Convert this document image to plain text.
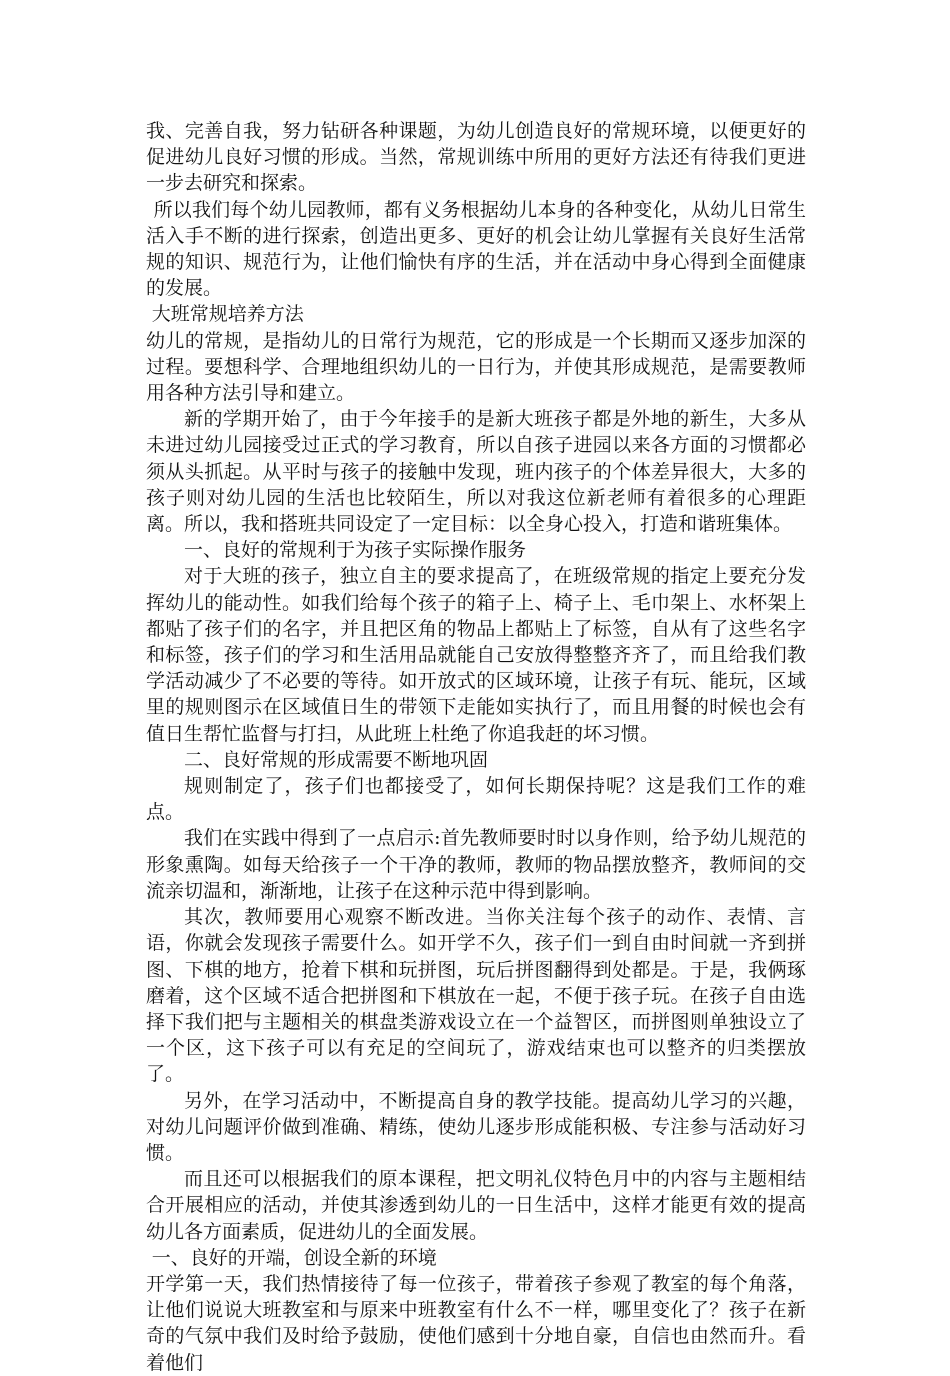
我、完善自我，努力钻研各种课题，为幼儿创造良好的常规环境，以便更好的促进幼儿良好习惯的形成。当然，常规训练中所用的更好方法还有待我们更进一步去研究和探索。

所以我们每个幼儿园教师，都有义务根据幼儿本身的各种变化，从幼儿日常生活入手不断的进行探索，创造出更多、更好的机会让幼儿掌握有关良好生活常规的知识、规范行为，让他们愉快有序的生活，并在活动中身心得到全面健康的发展。

大班常规培养方法

幼儿的常规，是指幼儿的日常行为规范，它的形成是一个长期而又逐步加深的过程。要想科学、合理地组织幼儿的一日行为，并使其形成规范，是需要教师用各种方法引导和建立。

新的学期开始了，由于今年接手的是新大班孩子都是外地的新生，大多从未进过幼儿园接受过正式的学习教育，所以自孩子进园以来各方面的习惯都必须从头抓起。从平时与孩子的接触中发现，班内孩子的个体差异很大，大多的孩子则对幼儿园的生活也比较陌生，所以对我这位新老师有着很多的心理距离。所以，我和搭班共同设定了一定目标：以全身心投入，打造和谐班集体。

一、良好的常规利于为孩子实际操作服务

对于大班的孩子，独立自主的要求提高了，在班级常规的指定上要充分发挥幼儿的能动性。如我们给每个孩子的箱子上、椅子上、毛巾架上、水杯架上都贴了孩子们的名字，并且把区角的物品上都贴上了标签，自从有了这些名字和标签，孩子们的学习和生活用品就能自己安放得整整齐齐了，而且给我们教学活动减少了不必要的等待。如开放式的区域环境，让孩子有玩、能玩，区域里的规则图示在区域值日生的带领下走能如实执行了，而且用餐的时候也会有值日生帮忙监督与打扫，从此班上杜绝了你追我赶的坏习惯。

二、良好常规的形成需要不断地巩固

规则制定了，孩子们也都接受了，如何长期保持呢？这是我们工作的难点。

我们在实践中得到了一点启示:首先教师要时时以身作则，给予幼儿规范的形象熏陶。如每天给孩子一个干净的教师，教师的物品摆放整齐，教师间的交流亲切温和，渐渐地，让孩子在这种示范中得到影响。

其次，教师要用心观察不断改进。当你关注每个孩子的动作、表情、言语，你就会发现孩子需要什么。如开学不久，孩子们一到自由时间就一齐到拼图、下棋的地方，抢着下棋和玩拼图，玩后拼图翻得到处都是。于是，我俩琢磨着，这个区域不适合把拼图和下棋放在一起，不便于孩子玩。在孩子自由选择下我们把与主题相关的棋盘类游戏设立在一个益智区，而拼图则单独设立了一个区，这下孩子可以有充足的空间玩了，游戏结束也可以整齐的归类摆放了。

另外，在学习活动中，不断提高自身的教学技能。提高幼儿学习的兴趣，对幼儿问题评价做到准确、精练，使幼儿逐步形成能积极、专注参与活动好习惯。

而且还可以根据我们的原本课程，把文明礼仪特色月中的内容与主题相结合开展相应的活动，并使其渗透到幼儿的一日生活中，这样才能更有效的提高幼儿各方面素质，促进幼儿的全面发展。

一、良好的开端，创设全新的环境

开学第一天，我们热情接待了每一位孩子，带着孩子参观了教室的每个角落，让他们说说大班教室和与原来中班教室有什么不一样，哪里变化了？孩子在新奇的气氛中我们及时给予鼓励，使他们感到十分地自豪，自信也由然而升。看着他们
